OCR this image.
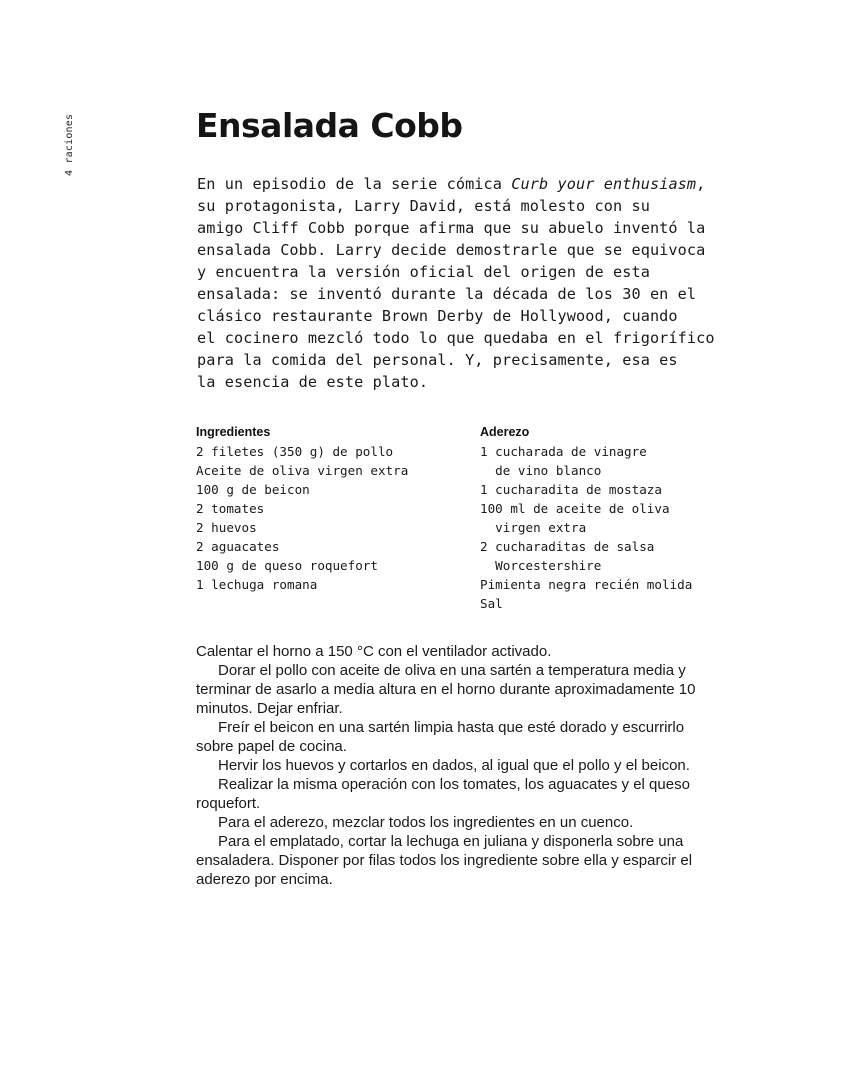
4 raciones	Ensalada Cobb

En un episodio de la serie cómica Curb your enthusiasm,
su protagonista, Larry David, está molesto con su
amigo Cliff Cobb porque afirma que su abuelo inventó la
ensalada Cobb. Larry decide demostrarle que se equivoca
y encuentra la versión oficial del origen de esta
ensalada: se inventó durante la década de los 30 en el
clásico restaurante Brown Derby de Hollywood, cuando
el cocinero mezcló todo lo que quedaba en el frigorífico
para la comida del personal. Y, precisamente, esa es
la esencia de este plato.

Ingredientes
2 filetes (350 g) de pollo
Aceite de oliva virgen extra
100 g de beicon
2 tomates
2 huevos
2 aguacates
100 g de queso roquefort
1 lechuga romana
Aderezo
1 cucharada de vinagre
de vino blanco
1 cucharadita de mostaza
100 ml de aceite de oliva
virgen extra
2 cucharaditas de salsa
Worcestershire
Pimienta negra recién molida
Sal

Calentar el horno a 150 °C con el ventilador activado.

Dorar el pollo con aceite de oliva en una sartén a temperatura media y terminar de asarlo a media altura en el horno durante aproximadamente 10 minutos. Dejar enfriar.

Freír el beicon en una sartén limpia hasta que esté dorado y escurrirlo sobre papel de cocina.

Hervir los huevos y cortarlos en dados, al igual que el pollo y el beicon.

Realizar la misma operación con los tomates, los aguacates y el queso roquefort.

Para el aderezo, mezclar todos los ingredientes en un cuenco.

Para el emplatado, cortar la lechuga en juliana y disponerla sobre una ensaladera. Disponer por filas todos los ingrediente sobre ella y esparcir el aderezo por encima.
